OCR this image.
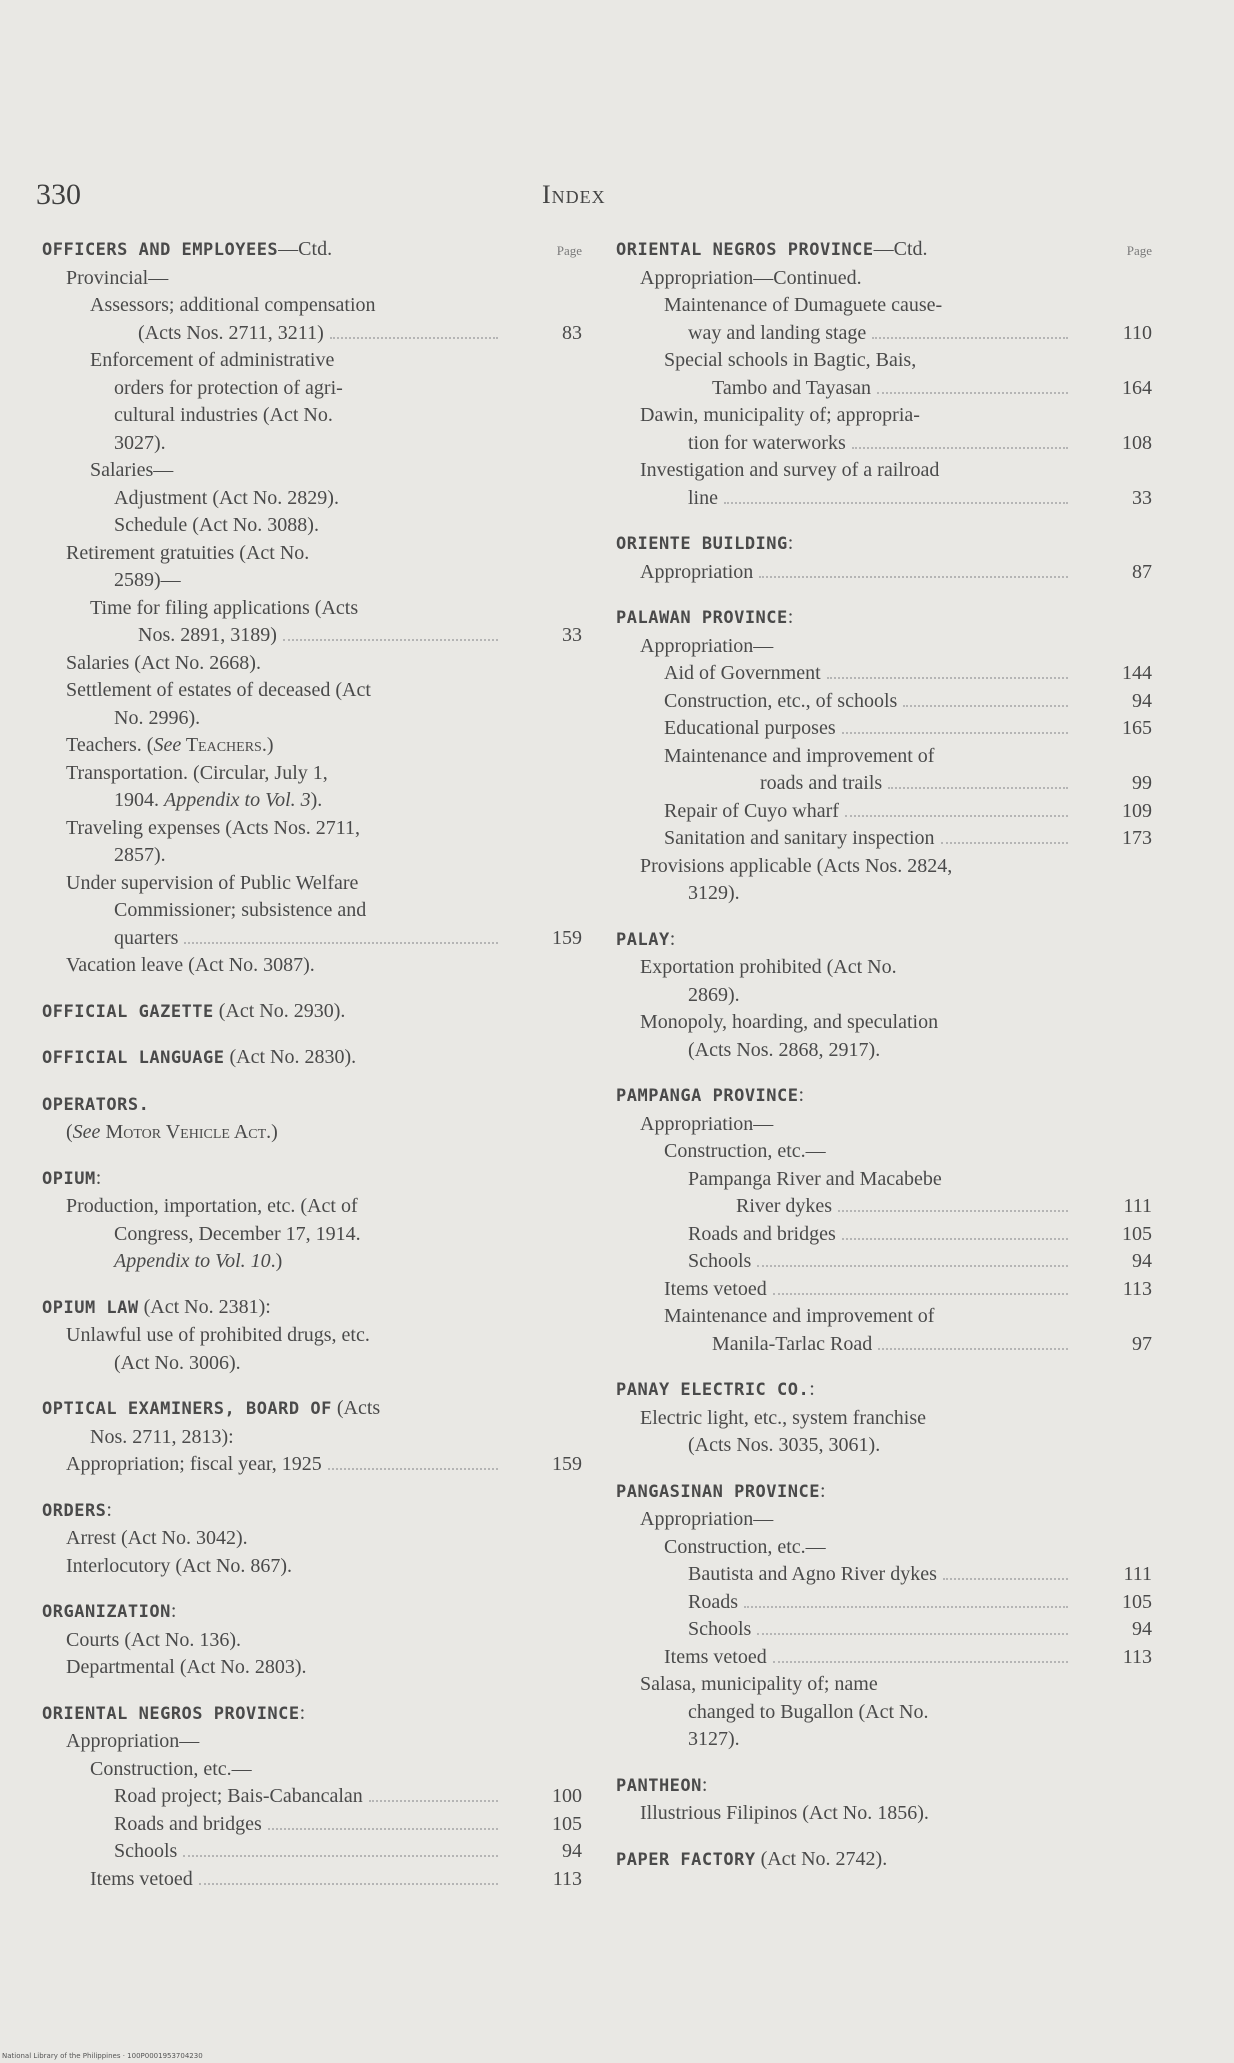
330	Index
OFFICERS AND EMPLOYEES—Ctd.	Page
Provincial—
Assessors; additional compensation
(Acts Nos. 2711, 3211)	83
Enforcement of administrative
orders for protection of agri-
cultural industries (Act No.
3027).
Salaries—
Adjustment (Act No. 2829).
Schedule (Act No. 3088).
Retirement gratuities (Act No.
2589)—
Time for filing applications (Acts
Nos. 2891, 3189)	33
Salaries (Act No. 2668).
Settlement of estates of deceased (Act
No. 2996).
Teachers. (See Teachers.)
Transportation. (Circular, July 1,
1904. Appendix to Vol. 3).
Traveling expenses (Acts Nos. 2711,
2857).
Under supervision of Public Welfare
Commissioner; subsistence and
quarters	159
Vacation leave (Act No. 3087).
OFFICIAL GAZETTE (Act No. 2930).
OFFICIAL LANGUAGE (Act No. 2830).
OPERATORS.
(See Motor Vehicle Act.)
OPIUM:
Production, importation, etc. (Act of
Congress, December 17, 1914.
Appendix to Vol. 10.)
OPIUM LAW (Act No. 2381):
Unlawful use of prohibited drugs, etc.
(Act No. 3006).
OPTICAL EXAMINERS, BOARD OF (Acts
Nos. 2711, 2813):
Appropriation; fiscal year, 1925	159
ORDERS:
Arrest (Act No. 3042).
Interlocutory (Act No. 867).
ORGANIZATION:
Courts (Act No. 136).
Departmental (Act No. 2803).
ORIENTAL NEGROS PROVINCE:
Appropriation—
Construction, etc.—
Road project; Bais-Cabancalan	100
Roads and bridges	105
Schools	94
Items vetoed	113
ORIENTAL NEGROS PROVINCE—Ctd.	Page
Appropriation—Continued.
Maintenance of Dumaguete cause-
way and landing stage	110
Special schools in Bagtic, Bais,
Tambo and Tayasan	164
Dawin, municipality of; appropria-
tion for waterworks	108
Investigation and survey of a railroad
line	33
ORIENTE BUILDING:
Appropriation	87
PALAWAN PROVINCE:
Appropriation—
Aid of Government	144
Construction, etc., of schools	94
Educational purposes	165
Maintenance and improvement of
roads and trails	99
Repair of Cuyo wharf	109
Sanitation and sanitary inspection	173
Provisions applicable (Acts Nos. 2824,
3129).
PALAY:
Exportation prohibited (Act No.
2869).
Monopoly, hoarding, and speculation
(Acts Nos. 2868, 2917).
PAMPANGA PROVINCE:
Appropriation—
Construction, etc.—
Pampanga River and Macabebe
River dykes	111
Roads and bridges	105
Schools	94
Items vetoed	113
Maintenance and improvement of
Manila-Tarlac Road	97
PANAY ELECTRIC CO.:
Electric light, etc., system franchise
(Acts Nos. 3035, 3061).
PANGASINAN PROVINCE:
Appropriation—
Construction, etc.—
Bautista and Agno River dykes	111
Roads	105
Schools	94
Items vetoed	113
Salasa, municipality of; name
changed to Bugallon (Act No.
3127).
PANTHEON:
Illustrious Filipinos (Act No. 1856).
PAPER FACTORY (Act No. 2742).
National Library of the Philippines · 100P0001953704230
